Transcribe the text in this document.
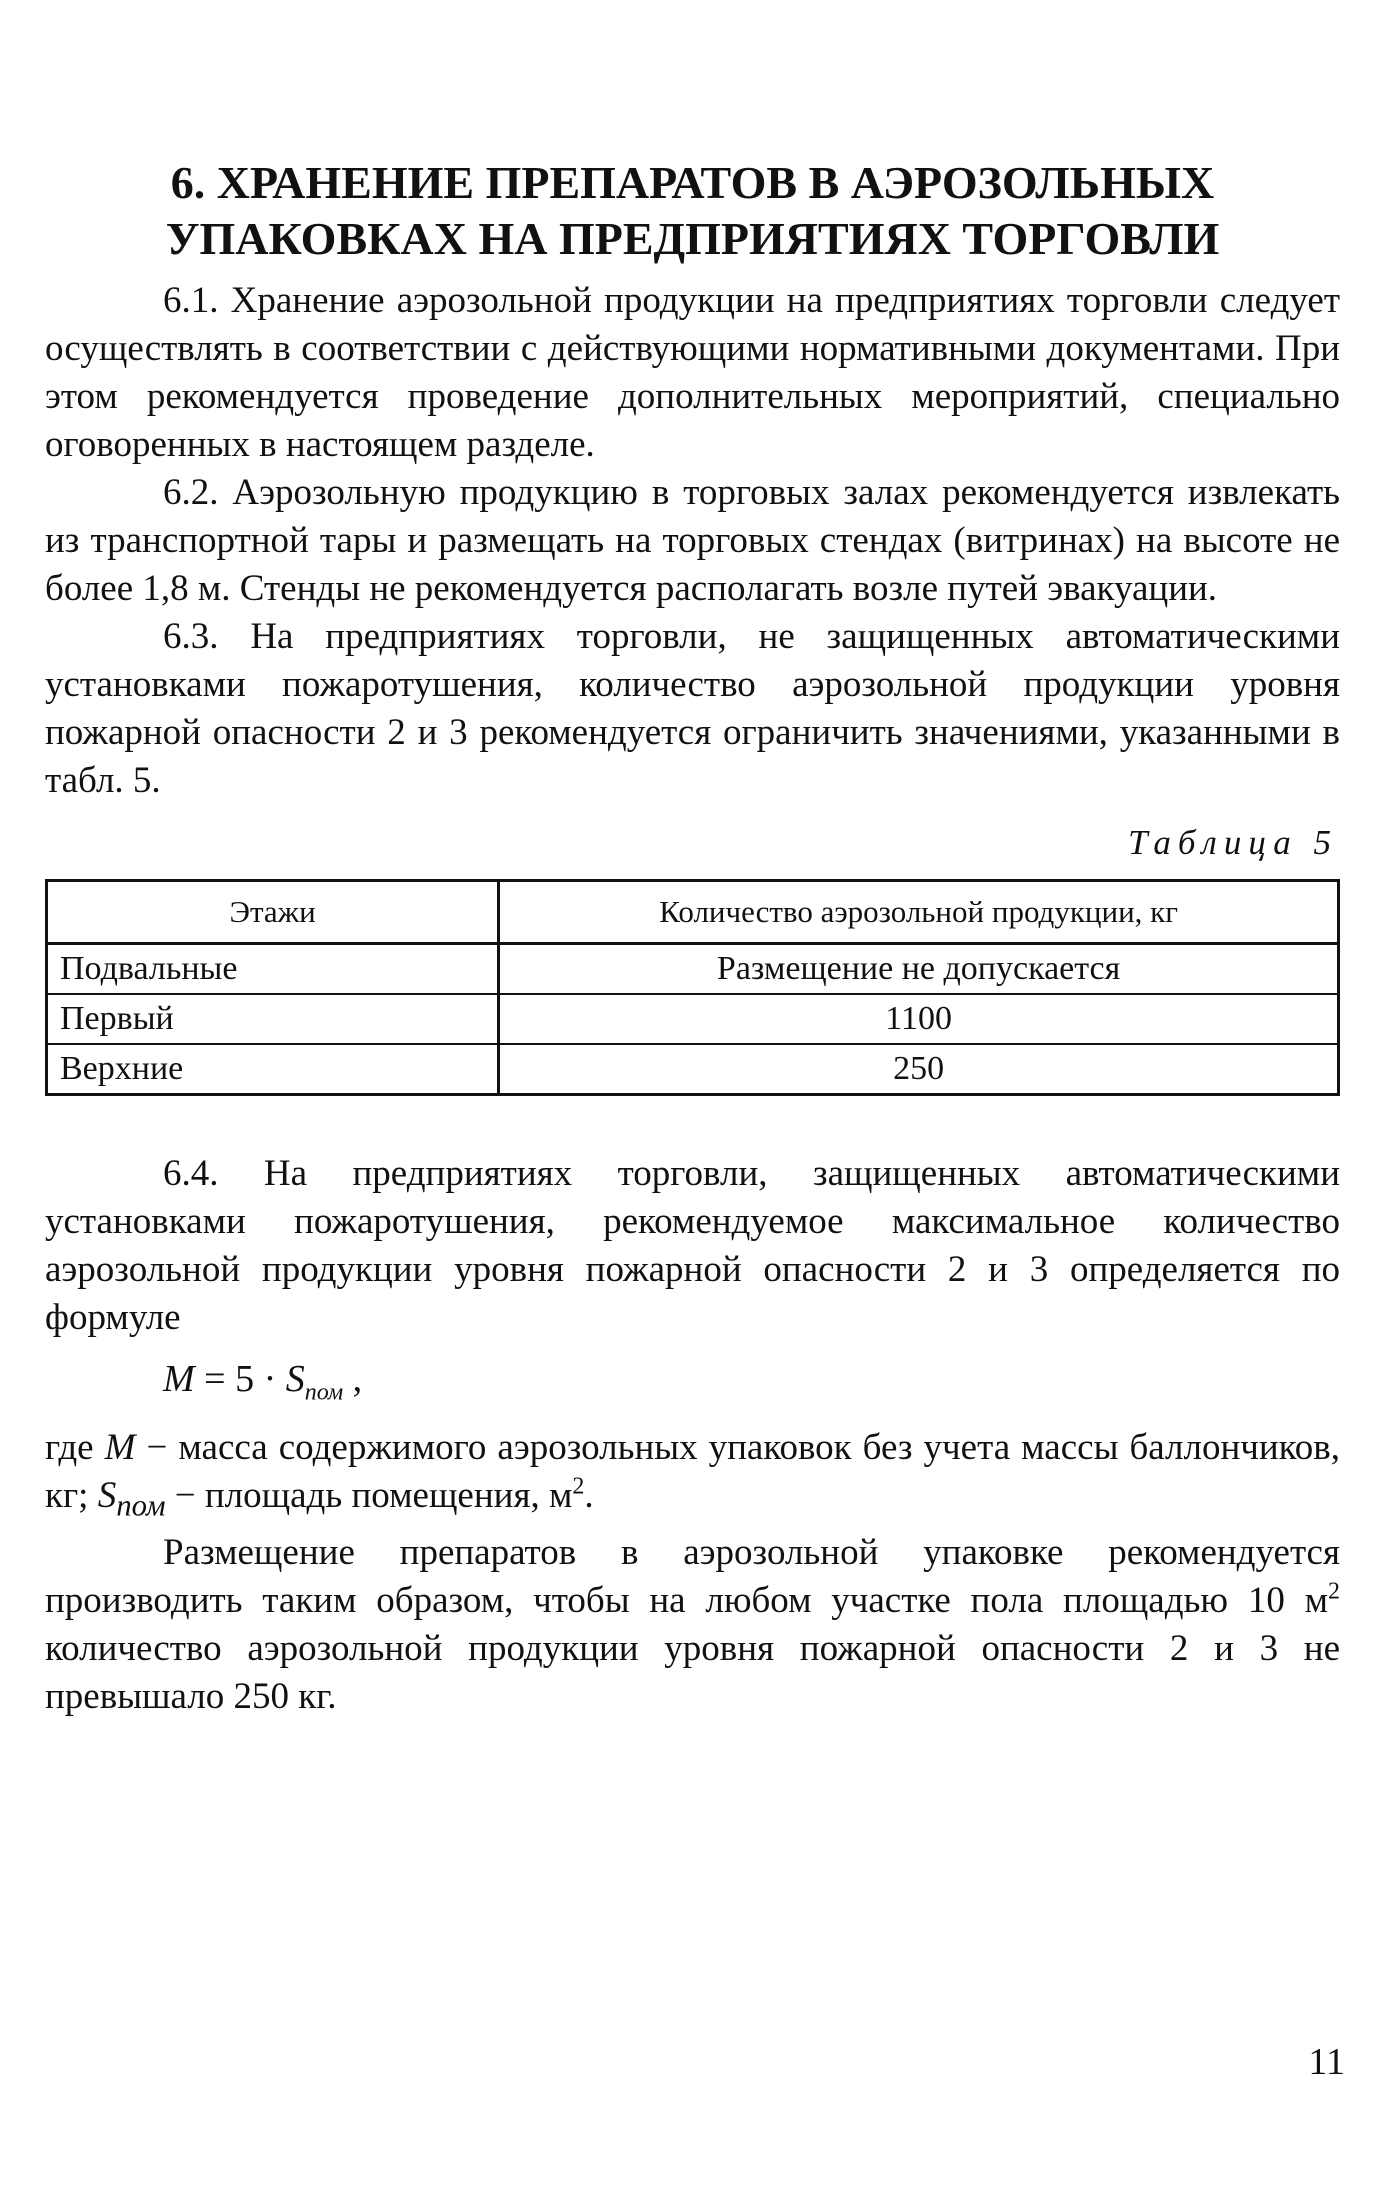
6. ХРАНЕНИЕ ПРЕПАРАТОВ В АЭРОЗОЛЬНЫХ
УПАКОВКАХ НА ПРЕДПРИЯТИЯХ ТОРГОВЛИ

6.1. Хранение аэрозольной продукции на предприятиях торговли следует осуществлять в соответствии с действующими нормативными документами. При этом рекомендуется проведение дополнительных мероприятий, специально оговоренных в настоящем разделе.

6.2. Аэрозольную продукцию в торговых залах рекомендуется извлекать из транспортной тары и размещать на торговых стендах (витринах) на высоте не более 1,8 м. Стенды не рекомендуется располагать возле путей эвакуации.

6.3. На предприятиях торговли, не защищенных автоматическими установками пожаротушения, количество аэрозольной продукции уровня пожарной опасности 2 и 3 рекомендуется ограничить значениями, указанными в табл. 5.

Таблица 5
Этажи	Количество аэрозольной продукции, кг
Подвальные	Размещение не допускается
Первый	1100
Верхние	250

6.4. На предприятиях торговли, защищенных автоматическими установками пожаротушения, рекомендуемое максимальное количество аэрозольной продукции уровня пожарной опасности 2 и 3 определяется по формуле

$M = 5 \cdot S_{пом}$ ,

где M − масса содержимого аэрозольных упаковок без учета массы баллончиков, кг; $S_{пом}$ − площадь помещения, $м^2$.

Размещение препаратов в аэрозольной упаковке рекомендуется производить таким образом, чтобы на любом участке пола площадью 10 $м^2$ количество аэрозольной продукции уровня пожарной опасности 2 и 3 не превышало 250 кг.

11
